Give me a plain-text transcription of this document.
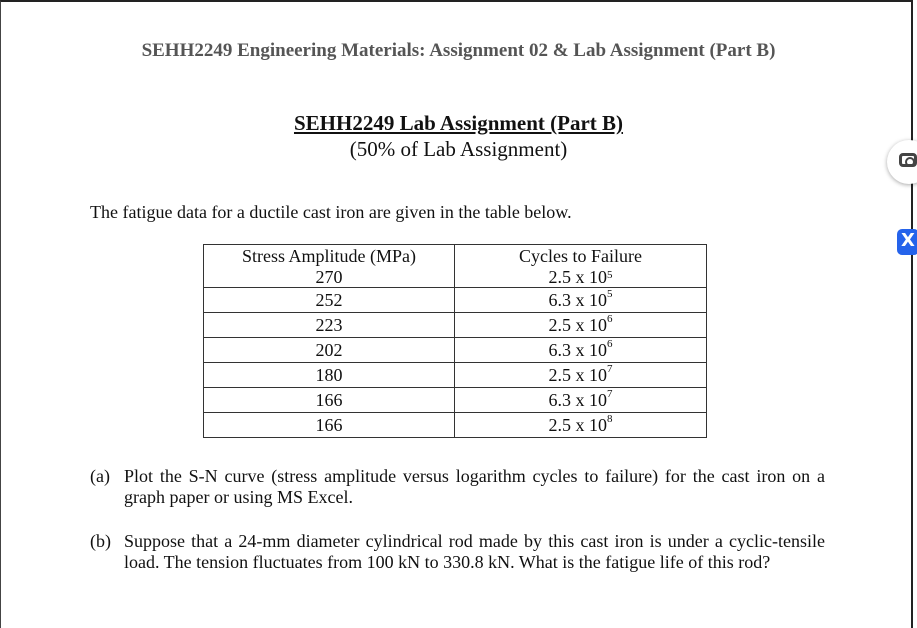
SEHH2249 Engineering Materials: Assignment 02 & Lab Assignment (Part B)
SEHH2249 Lab Assignment (Part B)
(50% of Lab Assignment)
The fatigue data for a ductile cast iron are given in the table below.
Stress Amplitude (MPa)	Cycles to Failure
270	2.5 x $10^5$
252	6.3 x $10^5$
223	2.5 x $10^6$
202	6.3 x $10^6$
180	2.5 x $10^7$
166	6.3 x $10^7$
166	2.5 x $10^8$
(a) Plot the S-N curve (stress amplitude versus logarithm cycles to failure) for the cast iron on a graph paper or using MS Excel.
(b) Suppose that a 24-mm diameter cylindrical rod made by this cast iron is under a cyclic-tensile load. The tension fluctuates from 100 kN to 330.8 kN. What is the fatigue life of this rod?
X
